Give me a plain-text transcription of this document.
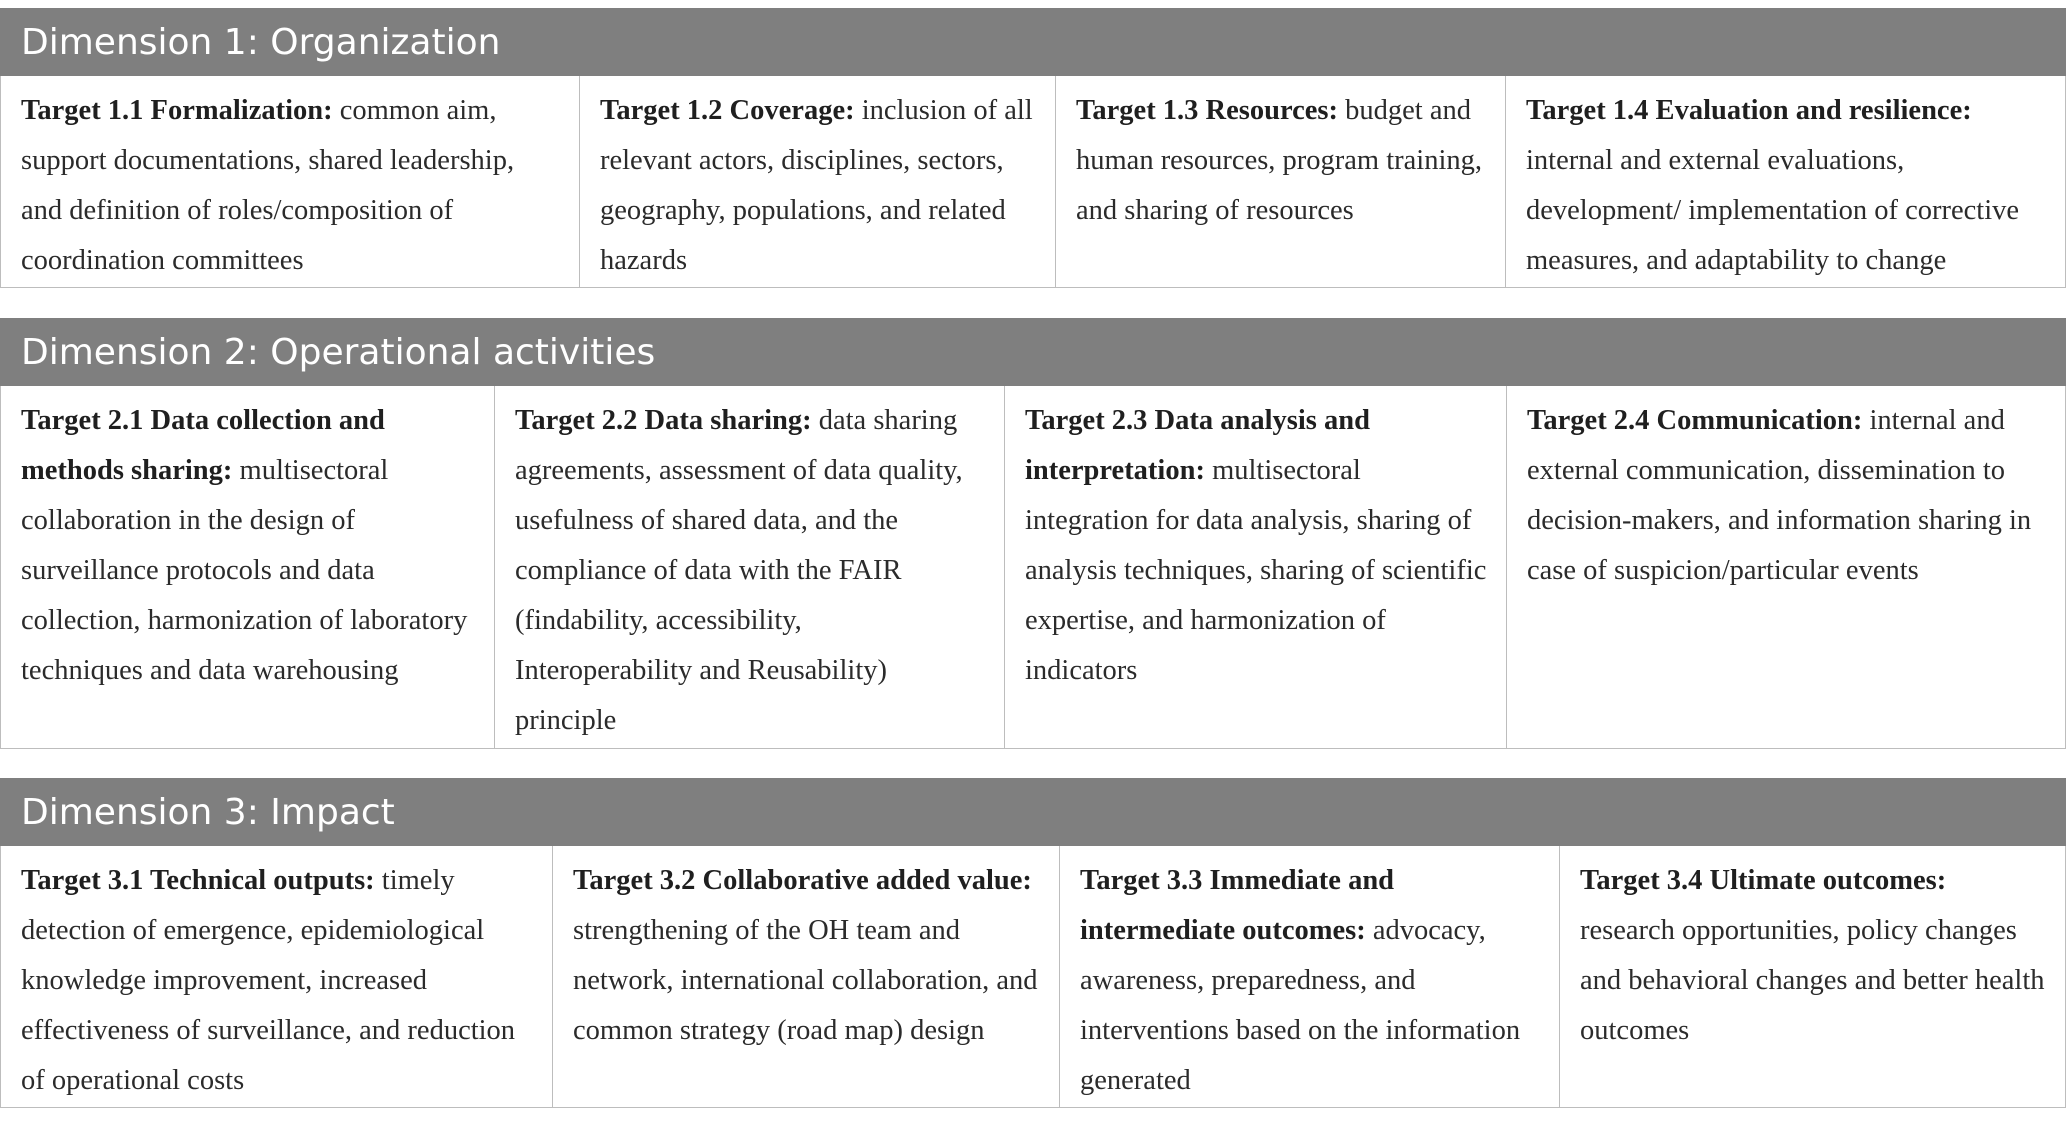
Dimension 1: Organization
Target 1.1 Formalization: common aim, support documentations, shared leadership, and definition of roles/composition of coordination committees
Target 1.2 Coverage: inclusion of all relevant actors, disciplines, sectors, geography, populations, and related hazards
Target 1.3 Resources: budget and human resources, program training, and sharing of resources
Target 1.4 Evaluation and resilience: internal and external evaluations, development/ implementation of corrective measures, and adaptability to change
Dimension 2: Operational activities
Target 2.1 Data collection and methods sharing: multisectoral collaboration in the design of surveillance protocols and data collection, harmonization of laboratory techniques and data warehousing
Target 2.2 Data sharing: data sharing agreements, assessment of data quality, usefulness of shared data, and the compliance of data with the FAIR (findability, accessibility, Interoperability and Reusability) principle
Target 2.3 Data analysis and interpretation: multisectoral integration for data analysis, sharing of analysis techniques, sharing of scientific expertise, and harmonization of indicators
Target 2.4 Communication: internal and external communication, dissemination to decision-makers, and information sharing in case of suspicion/particular events
Dimension 3: Impact
Target 3.1 Technical outputs: timely detection of emergence, epidemiological knowledge improvement, increased effectiveness of surveillance, and reduction of operational costs
Target 3.2 Collaborative added value: strengthening of the OH team and network, international collaboration, and common strategy (road map) design
Target 3.3 Immediate and intermediate outcomes: advocacy, awareness, preparedness, and interventions based on the information generated
Target 3.4 Ultimate outcomes: research opportunities, policy changes and behavioral changes and better health outcomes
